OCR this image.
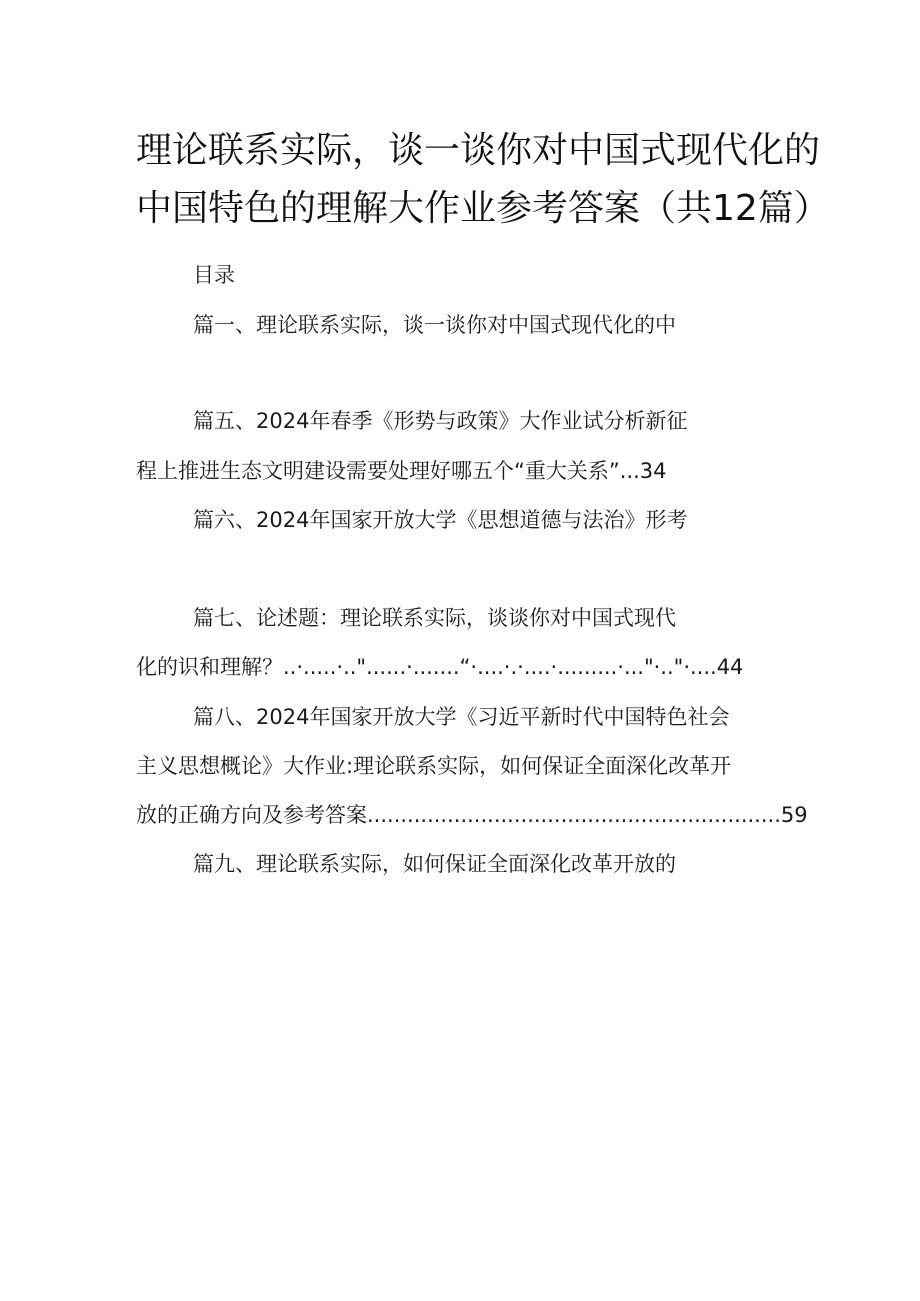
理论联系实际，谈一谈你对中国式现代化的
中国特色的理解大作业参考答案（共12篇）
目录
篇一、理论联系实际，谈一谈你对中国式现代化的中
篇五、2024年春季《形势与政策》大作业试分析新征
程上推进生态文明建设需要处理好哪五个“重大关系”...34
篇六、2024年国家开放大学《思想道德与法治》形考
篇七、论述题：理论联系实际，谈谈你对中国式现代
化的识和理解？..·.....·.."......·.......“·....·.·....·.........·..."·.."·....44
篇八、2024年国家开放大学《习近平新时代中国特色社会
主义思想概论》大作业:理论联系实际，如何保证全面深化改革开
放的正确方向及参考答案..............................................................59
篇九、理论联系实际，如何保证全面深化改革开放的
